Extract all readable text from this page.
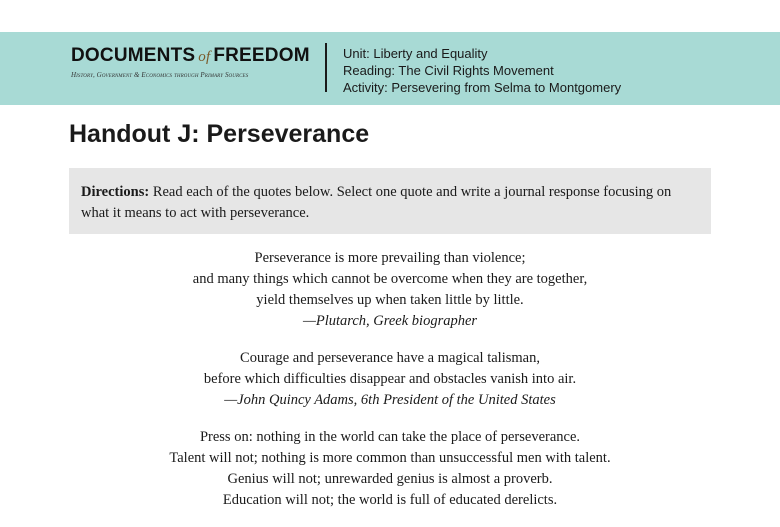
DOCUMENTS of FREEDOM
History, Government & Economics through Primary Sources
Unit: Liberty and Equality
Reading: The Civil Rights Movement
Activity: Persevering from Selma to Montgomery
Handout J: Perseverance
Directions: Read each of the quotes below. Select one quote and write a journal response focusing on what it means to act with perseverance.
Perseverance is more prevailing than violence;
and many things which cannot be overcome when they are together,
yield themselves up when taken little by little.
—Plutarch, Greek biographer
Courage and perseverance have a magical talisman,
before which difficulties disappear and obstacles vanish into air.
—John Quincy Adams, 6th President of the United States
Press on: nothing in the world can take the place of perseverance.
Talent will not; nothing is more common than unsuccessful men with talent.
Genius will not; unrewarded genius is almost a proverb.
Education will not; the world is full of educated derelicts.
